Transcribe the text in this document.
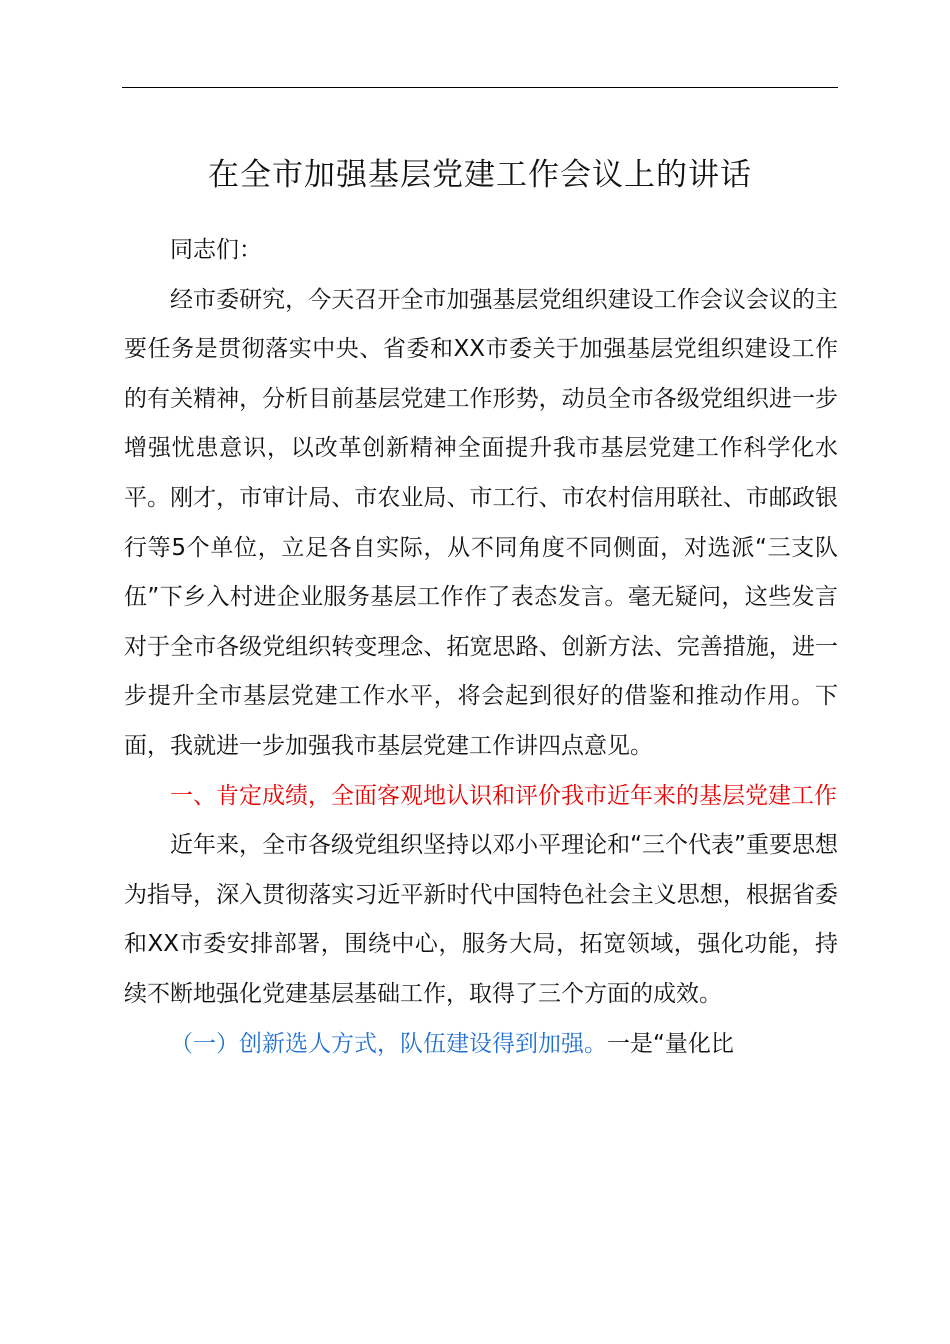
在全市加强基层党建工作会议上的讲话

同志们：

经市委研究，今天召开全市加强基层党组织建设工作会议会议的主要任务是贯彻落实中央、省委和XX市委关于加强基层党组织建设工作的有关精神，分析目前基层党建工作形势，动员全市各级党组织进一步增强忧患意识，以改革创新精神全面提升我市基层党建工作科学化水平。刚才，市审计局、市农业局、市工行、市农村信用联社、市邮政银行等5个单位，立足各自实际，从不同角度不同侧面，对选派“三支队伍”下乡入村进企业服务基层工作作了表态发言。毫无疑问，这些发言对于全市各级党组织转变理念、拓宽思路、创新方法、完善措施，进一步提升全市基层党建工作水平，将会起到很好的借鉴和推动作用。下面，我就进一步加强我市基层党建工作讲四点意见。

一、肯定成绩，全面客观地认识和评价我市近年来的基层党建工作

近年来，全市各级党组织坚持以邓小平理论和“三个代表”重要思想为指导，深入贯彻落实习近平新时代中国特色社会主义思想，根据省委和XX市委安排部署，围绕中心，服务大局，拓宽领域，强化功能，持续不断地强化党建基层基础工作，取得了三个方面的成效。

（一）创新选人方式，队伍建设得到加强。一是“量化比
